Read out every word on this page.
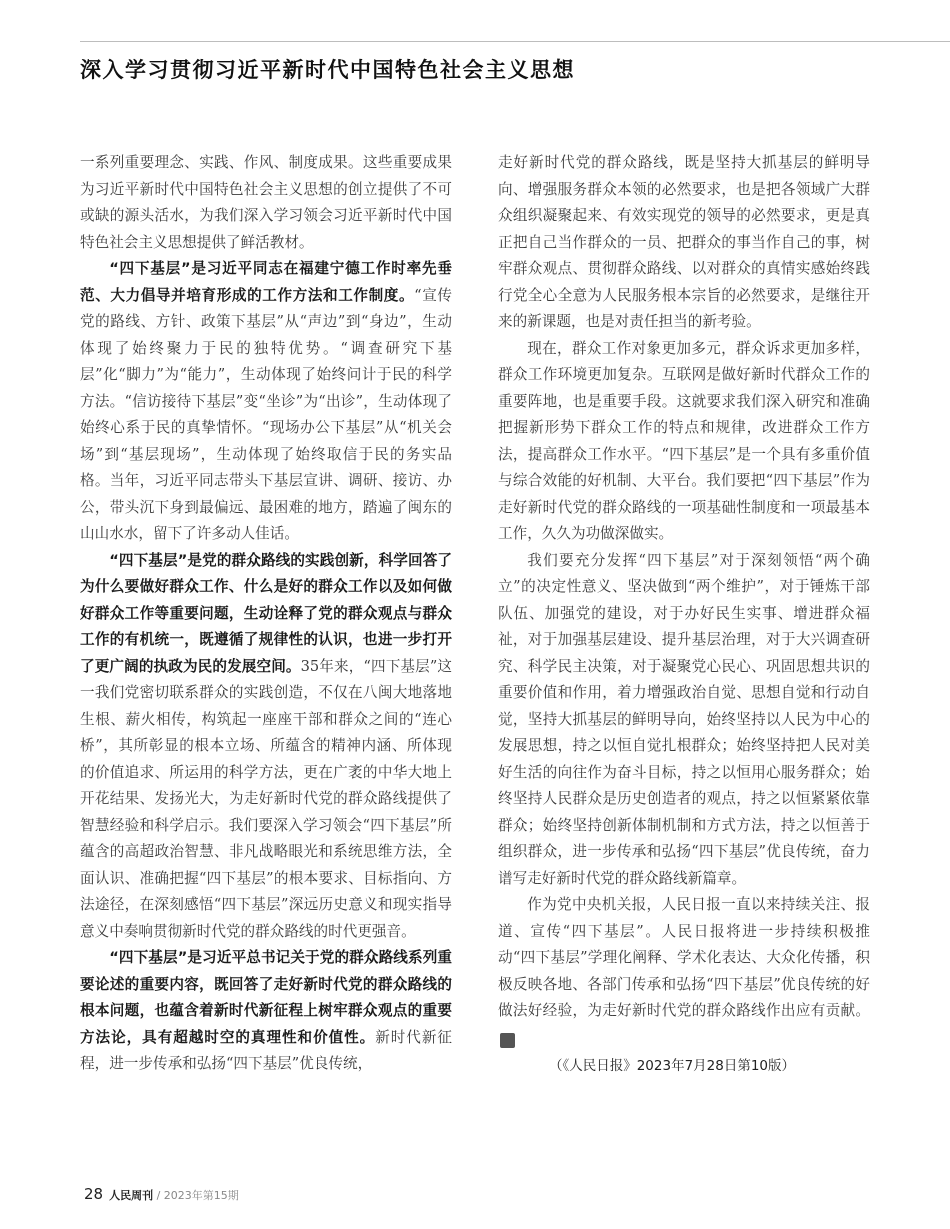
深入学习贯彻习近平新时代中国特色社会主义思想

一系列重要理念、实践、作风、制度成果。这些重要成果为习近平新时代中国特色社会主义思想的创立提供了不可或缺的源头活水，为我们深入学习领会习近平新时代中国特色社会主义思想提供了鲜活教材。

“四下基层”是习近平同志在福建宁德工作时率先垂范、大力倡导并培育形成的工作方法和工作制度。“宣传党的路线、方针、政策下基层”从“声边”到“身边”，生动体现了始终聚力于民的独特优势。“调查研究下基层”化“脚力”为“能力”，生动体现了始终问计于民的科学方法。“信访接待下基层”变“坐诊”为“出诊”，生动体现了始终心系于民的真挚情怀。“现场办公下基层”从“机关会场”到“基层现场”，生动体现了始终取信于民的务实品格。当年，习近平同志带头下基层宣讲、调研、接访、办公，带头沉下身到最偏远、最困难的地方，踏遍了闽东的山山水水，留下了许多动人佳话。

“四下基层”是党的群众路线的实践创新，科学回答了为什么要做好群众工作、什么是好的群众工作以及如何做好群众工作等重要问题，生动诠释了党的群众观点与群众工作的有机统一，既遵循了规律性的认识，也进一步打开了更广阔的执政为民的发展空间。35年来，“四下基层”这一我们党密切联系群众的实践创造，不仅在八闽大地落地生根、薪火相传，构筑起一座座干部和群众之间的“连心桥”，其所彰显的根本立场、所蕴含的精神内涵、所体现的价值追求、所运用的科学方法，更在广袤的中华大地上开花结果、发扬光大，为走好新时代党的群众路线提供了智慧经验和科学启示。我们要深入学习领会“四下基层”所蕴含的高超政治智慧、非凡战略眼光和系统思维方法，全面认识、准确把握“四下基层”的根本要求、目标指向、方法途径，在深刻感悟“四下基层”深远历史意义和现实指导意义中奏响贯彻新时代党的群众路线的时代更强音。

“四下基层”是习近平总书记关于党的群众路线系列重要论述的重要内容，既回答了走好新时代党的群众路线的根本问题，也蕴含着新时代新征程上树牢群众观点的重要方法论，具有超越时空的真理性和价值性。新时代新征程，进一步传承和弘扬“四下基层”优良传统，

走好新时代党的群众路线，既是坚持大抓基层的鲜明导向、增强服务群众本领的必然要求，也是把各领域广大群众组织凝聚起来、有效实现党的领导的必然要求，更是真正把自己当作群众的一员、把群众的事当作自己的事，树牢群众观点、贯彻群众路线、以对群众的真情实感始终践行党全心全意为人民服务根本宗旨的必然要求，是继往开来的新课题，也是对责任担当的新考验。

现在，群众工作对象更加多元，群众诉求更加多样，群众工作环境更加复杂。互联网是做好新时代群众工作的重要阵地，也是重要手段。这就要求我们深入研究和准确把握新形势下群众工作的特点和规律，改进群众工作方法，提高群众工作水平。“四下基层”是一个具有多重价值与综合效能的好机制、大平台。我们要把“四下基层”作为走好新时代党的群众路线的一项基础性制度和一项最基本工作，久久为功做深做实。

我们要充分发挥“四下基层”对于深刻领悟“两个确立”的决定性意义、坚决做到“两个维护”，对于锤炼干部队伍、加强党的建设，对于办好民生实事、增进群众福祉，对于加强基层建设、提升基层治理，对于大兴调查研究、科学民主决策，对于凝聚党心民心、巩固思想共识的重要价值和作用，着力增强政治自觉、思想自觉和行动自觉，坚持大抓基层的鲜明导向，始终坚持以人民为中心的发展思想，持之以恒自觉扎根群众；始终坚持把人民对美好生活的向往作为奋斗目标，持之以恒用心服务群众；始终坚持人民群众是历史创造者的观点，持之以恒紧紧依靠群众；始终坚持创新体制机制和方式方法，持之以恒善于组织群众，进一步传承和弘扬“四下基层”优良传统，奋力谱写走好新时代党的群众路线新篇章。

作为党中央机关报，人民日报一直以来持续关注、报道、宣传“四下基层”。人民日报将进一步持续积极推动“四下基层”学理化阐释、学术化表达、大众化传播，积极反映各地、各部门传承和弘扬“四下基层”优良传统的好做法好经验，为走好新时代党的群众路线作出应有贡献。K

（《人民日报》2023年7月28日第10版）
28 人民周刊 / 2023年第15期
